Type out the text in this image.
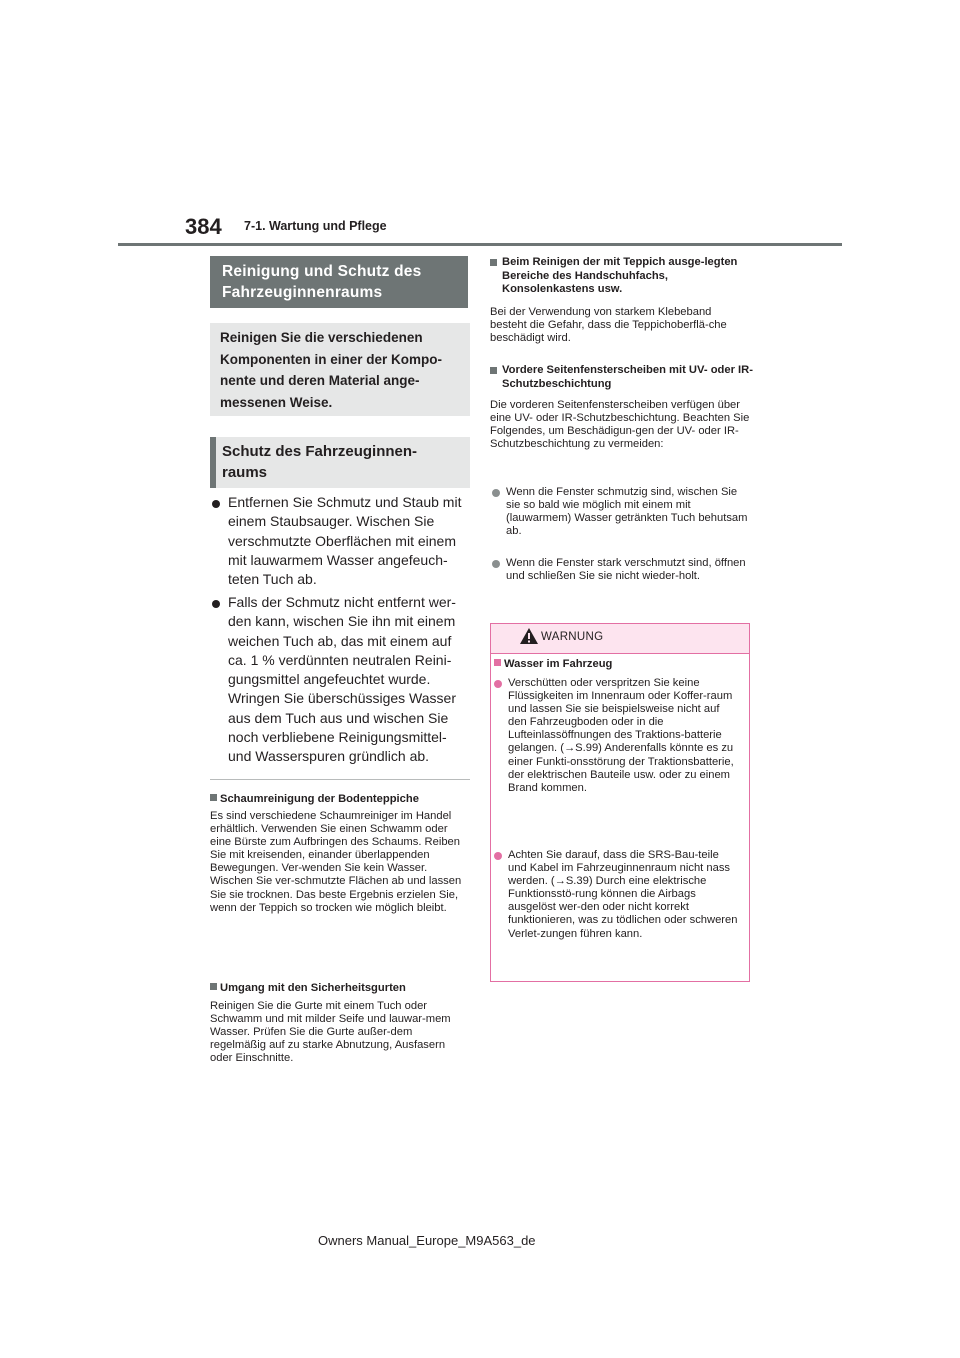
384 7-1. Wartung und Pflege
Reinigung und Schutz des Fahrzeuginnenraums
Reinigen Sie die verschiedenen Komponenten in einer der Kompo-nente und deren Material ange-messenen Weise.
Schutz des Fahrzeuginnen-raums
Entfernen Sie Schmutz und Staub mit einem Staubsauger. Wischen Sie verschmutzte Oberflächen mit einem mit lauwarmem Wasser angefeuch-teten Tuch ab.
Falls der Schmutz nicht entfernt wer-den kann, wischen Sie ihn mit einem weichen Tuch ab, das mit einem auf ca. 1 % verdünnten neutralen Reini-gungsmittel angefeuchtet wurde. Wringen Sie überschüssiges Wasser aus dem Tuch aus und wischen Sie noch verbliebene Reinigungsmittel-und Wasserspuren gründlich ab.
Schaumreinigung der Bodenteppiche
Es sind verschiedene Schaumreiniger im Handel erhältlich. Verwenden Sie einen Schwamm oder eine Bürste zum Aufbringen des Schaums. Reiben Sie mit kreisenden, einander überlappenden Bewegungen. Ver-wenden Sie kein Wasser. Wischen Sie ver-schmutzte Flächen ab und lassen Sie sie trocknen. Das beste Ergebnis erzielen Sie, wenn der Teppich so trocken wie möglich bleibt.
Umgang mit den Sicherheitsgurten
Reinigen Sie die Gurte mit einem Tuch oder Schwamm und mit milder Seife und lauwar-mem Wasser. Prüfen Sie die Gurte außer-dem regelmäßig auf zu starke Abnutzung, Ausfasern oder Einschnitte.
Beim Reinigen der mit Teppich ausge-legten Bereiche des Handschuhfachs, Konsolenkastens usw.
Bei der Verwendung von starkem Klebeband besteht die Gefahr, dass die Teppichoberflä-che beschädigt wird.
Vordere Seitenfensterscheiben mit UV- oder IR-Schutzbeschichtung
Die vorderen Seitenfensterscheiben verfügen über eine UV- oder IR-Schutzbeschichtung. Beachten Sie Folgendes, um Beschädigun-gen der UV- oder IR-Schutzbeschichtung zu vermeiden:
Wenn die Fenster schmutzig sind, wischen Sie sie so bald wie möglich mit einem mit (lauwarmem) Wasser getränkten Tuch behutsam ab.
Wenn die Fenster stark verschmutzt sind, öffnen und schließen Sie sie nicht wieder-holt.
WARNUNG
Wasser im Fahrzeug
Verschütten oder verspritzen Sie keine Flüssigkeiten im Innenraum oder Koffer-raum und lassen Sie sie beispielsweise nicht auf den Fahrzeugboden oder in die Lufteinlassöffnungen des Traktions-batterie gelangen. (→S.99) Anderenfalls könnte es zu einer Funkti-onsstörung der Traktionsbatterie, der elektrischen Bauteile usw. oder zu einem Brand kommen.
Achten Sie darauf, dass die SRS-Bau-teile und Kabel im Fahrzeuginnenraum nicht nass werden. (→S.39) Durch eine elektrische Funktionsstö-rung können die Airbags ausgelöst wer-den oder nicht korrekt funktionieren, was zu tödlichen oder schweren Verlet-zungen führen kann.
Owners Manual_Europe_M9A563_de
